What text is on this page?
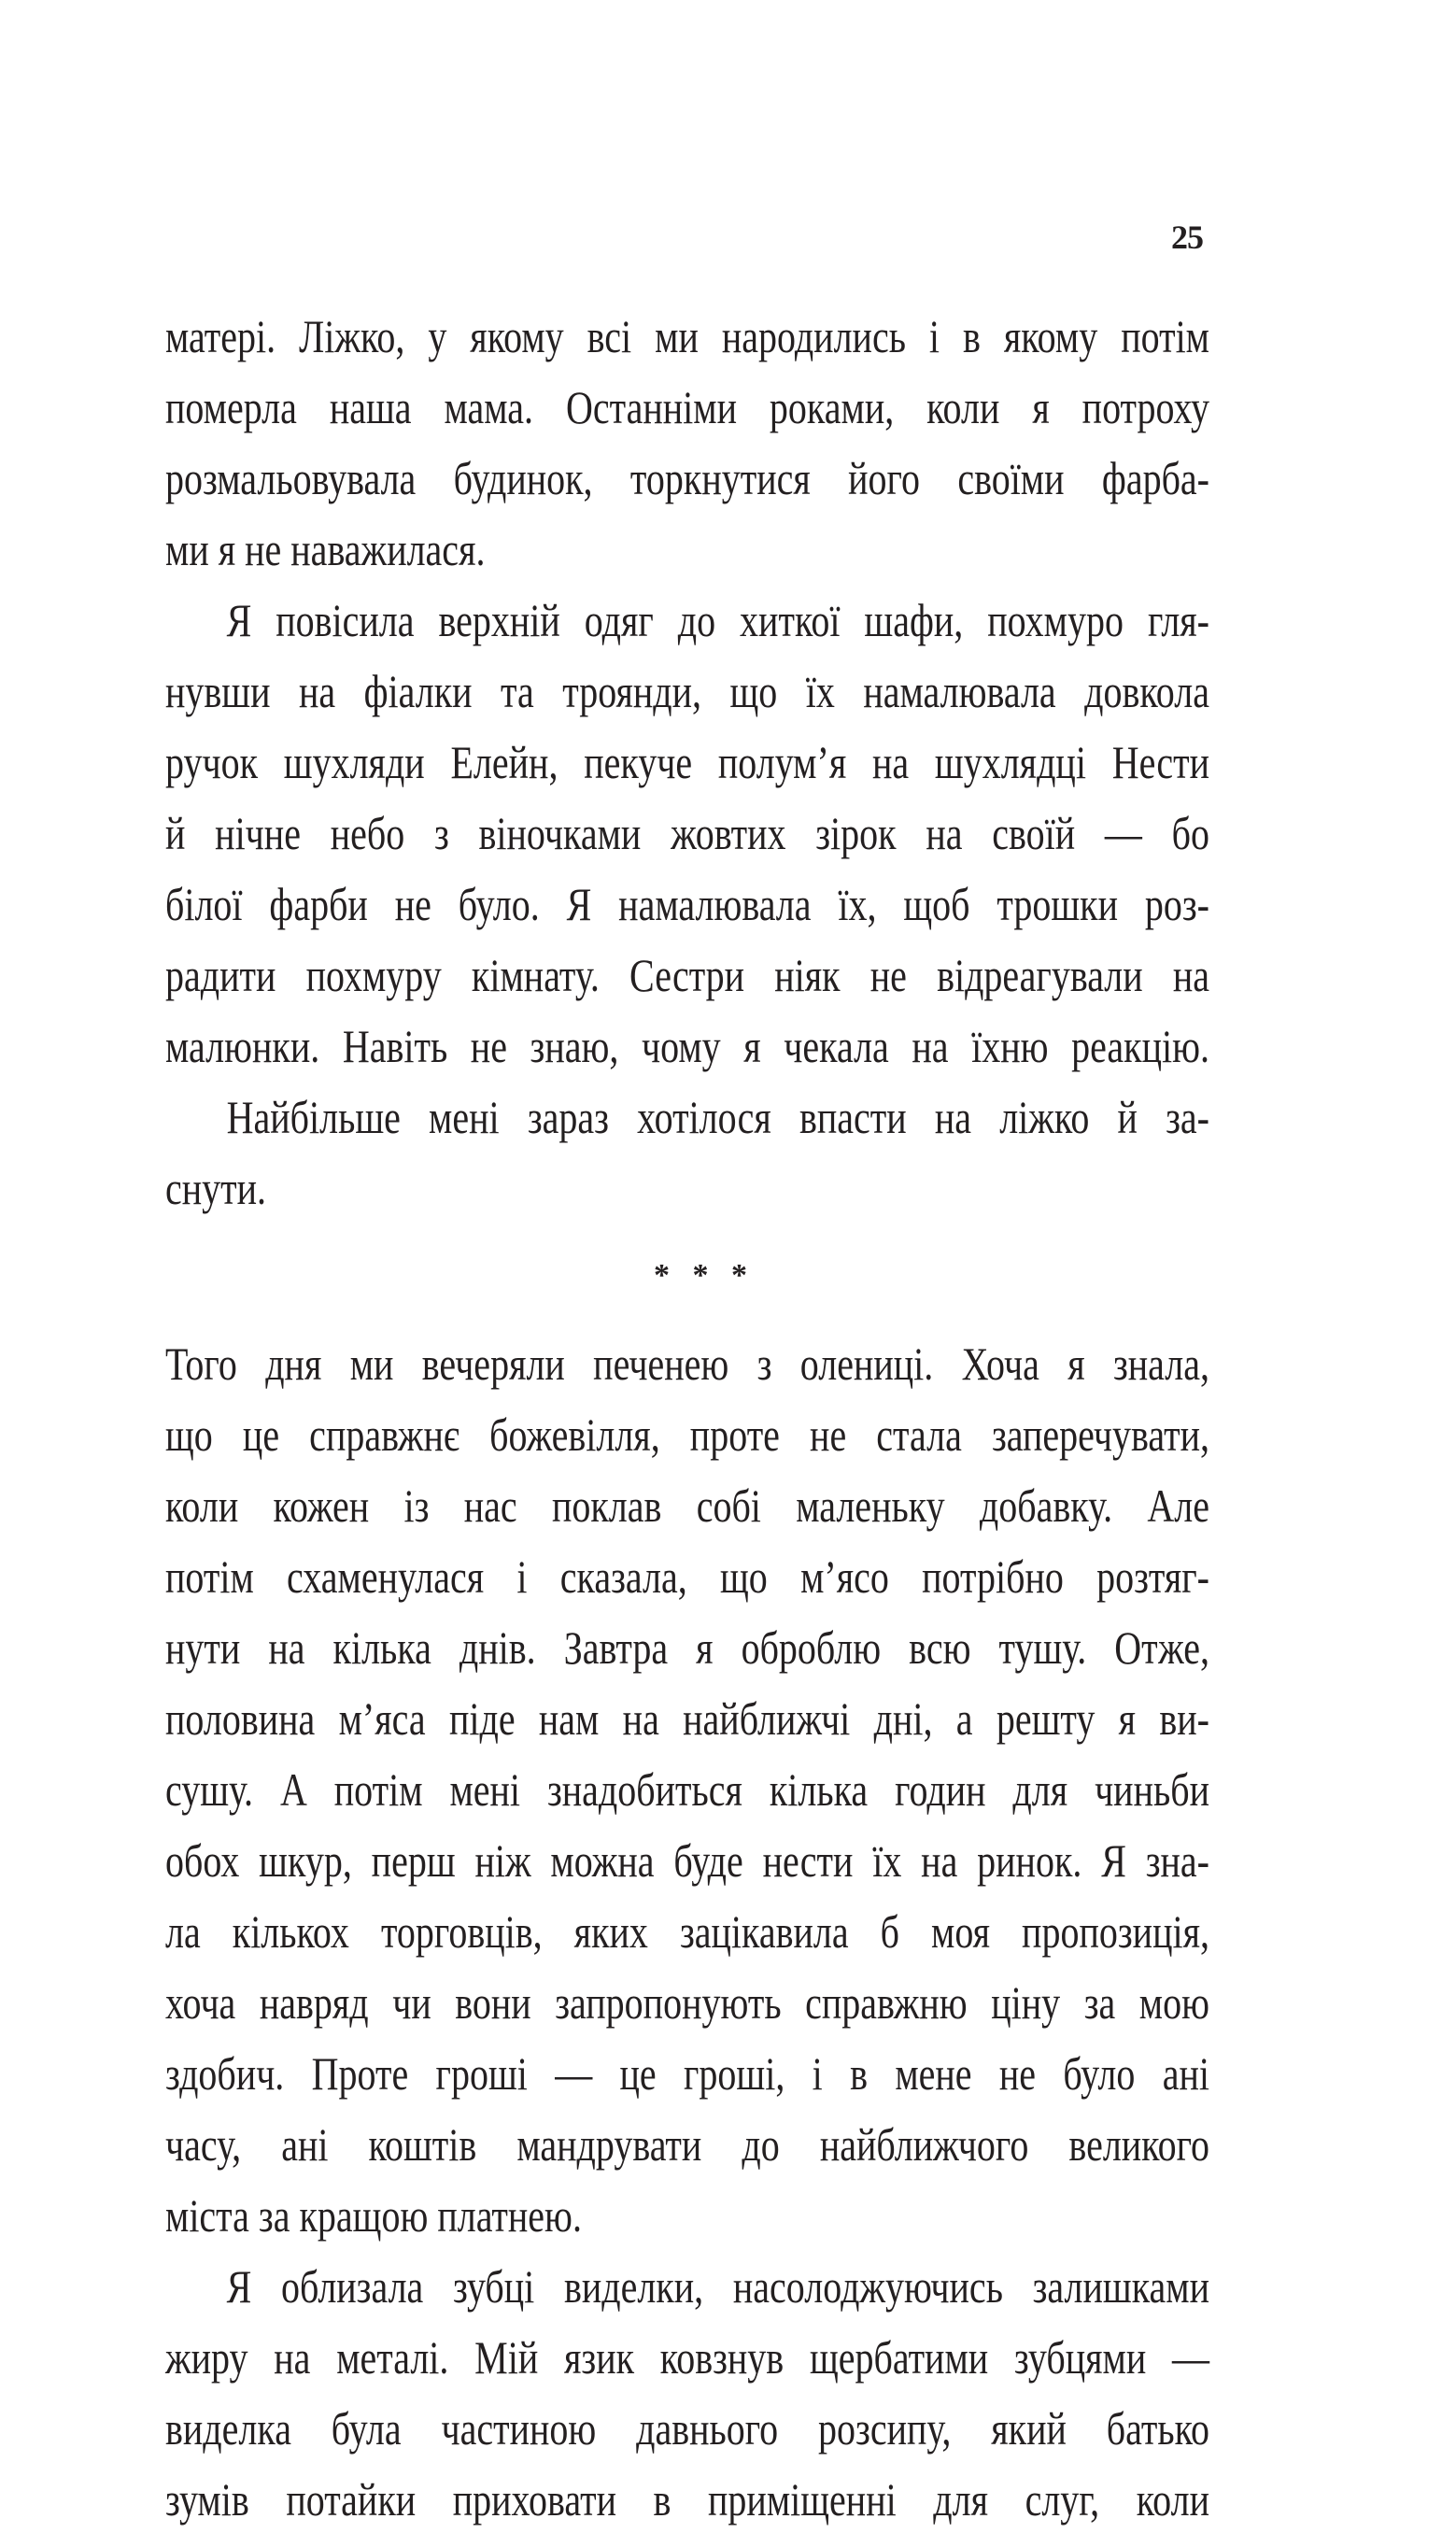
25
матері. Ліжко, у якому всі ми народились і в якому потім
померла наша мама. Останніми роками, коли я потроху
розмальовувала будинок, торкнутися його своїми фарба-
ми я не наважилася.
Я повісила верхній одяг до хиткої шафи, похмуро гля-
нувши на фіалки та троянди, що їх намалювала довкола
ручок шухляди Елейн, пекуче полум’я на шухлядці Нести
й нічне небо з віночками жовтих зірок на своїй — бо
білої фарби не було. Я намалювала їх, щоб трошки роз-
радити похмуру кімнату. Сестри ніяк не відреагували на
малюнки. Навіть не знаю, чому я чекала на їхню реакцію.
Найбільше мені зараз хотілося впасти на ліжко й за-
снути.
* * *
Того дня ми вечеряли печенею з олениці. Хоча я знала,
що це справжнє божевілля, проте не стала заперечувати,
коли кожен із нас поклав собі маленьку добавку. Але
потім схаменулася і сказала, що м’ясо потрібно розтяг-
нути на кілька днів. Завтра я оброблю всю тушу. Отже,
половина м’яса піде нам на найближчі дні, а решту я ви-
сушу. А потім мені знадобиться кілька годин для чиньби
обох шкур, перш ніж можна буде нести їх на ринок. Я зна-
ла кількох торговців, яких зацікавила б моя пропозиція,
хоча навряд чи вони запропонують справжню ціну за мою
здобич. Проте гроші — це гроші, і в мене не було ані
часу, ані коштів мандрувати до найближчого великого
міста за кращою платнею.
Я облизала зубці виделки, насолоджуючись залишками
жиру на металі. Мій язик ковзнув щербатими зубцями —
виделка була частиною давнього розсипу, який батько
зумів потайки приховати в приміщенні для слуг, коли
